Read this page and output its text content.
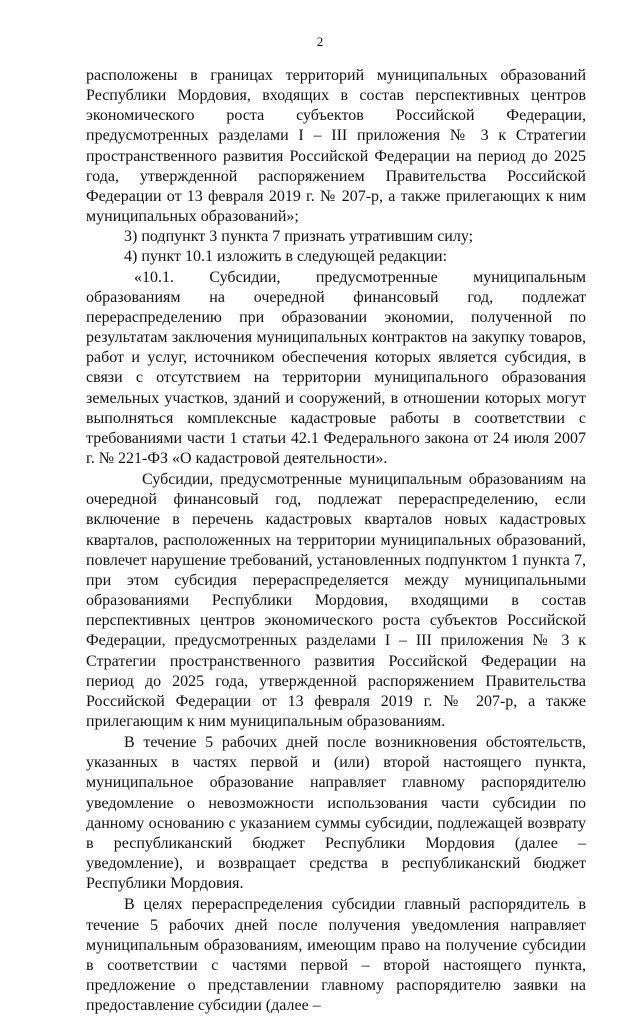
2

расположены в границах территорий муниципальных образований Республики Мордовия, входящих в состав перспективных центров экономического роста субъектов Российской Федерации, предусмотренных разделами I – III приложения № 3 к Стратегии пространственного развития Российской Федерации на период до 2025 года, утвержденной распоряжением Правительства Российской Федерации от 13 февраля 2019 г. № 207-р, а также прилегающих к ним муниципальных образований»;

3) подпункт 3 пункта 7 признать утратившим силу;

4) пункт 10.1 изложить в следующей редакции:

«10.1. Субсидии, предусмотренные муниципальным образованиям на очередной финансовый год, подлежат перераспределению при образовании экономии, полученной по результатам заключения муниципальных контрактов на закупку товаров, работ и услуг, источником обеспечения которых является субсидия, в связи с отсутствием на территории муниципального образования земельных участков, зданий и сооружений, в отношении которых могут выполняться комплексные кадастровые работы в соответствии с требованиями части 1 статьи 42.1 Федерального закона от 24 июля 2007 г. № 221-ФЗ «О кадастровой деятельности».

Субсидии, предусмотренные муниципальным образованиям на очередной финансовый год, подлежат перераспределению, если включение в перечень кадастровых кварталов новых кадастровых кварталов, расположенных на территории муниципальных образований, повлечет нарушение требований, установленных подпунктом 1 пункта 7, при этом субсидия перераспределяется между муниципальными образованиями Республики Мордовия, входящими в состав перспективных центров экономического роста субъектов Российской Федерации, предусмотренных разделами I – III приложения № 3 к Стратегии пространственного развития Российской Федерации на период до 2025 года, утвержденной распоряжением Правительства Российской Федерации от 13 февраля 2019 г. № 207-р, а также прилегающим к ним муниципальным образованиям.

В течение 5 рабочих дней после возникновения обстоятельств, указанных в частях первой и (или) второй настоящего пункта, муниципальное образование направляет главному распорядителю уведомление о невозможности использования части субсидии по данному основанию с указанием суммы субсидии, подлежащей возврату в республиканский бюджет Республики Мордовия (далее – уведомление), и возвращает средства в республиканский бюджет Республики Мордовия.

В целях перераспределения субсидии главный распорядитель в течение 5 рабочих дней после получения уведомления направляет муниципальным образованиям, имеющим право на получение субсидии в соответствии с частями первой – второй настоящего пункта, предложение о представлении главному распорядителю заявки на предоставление субсидии (далее –
